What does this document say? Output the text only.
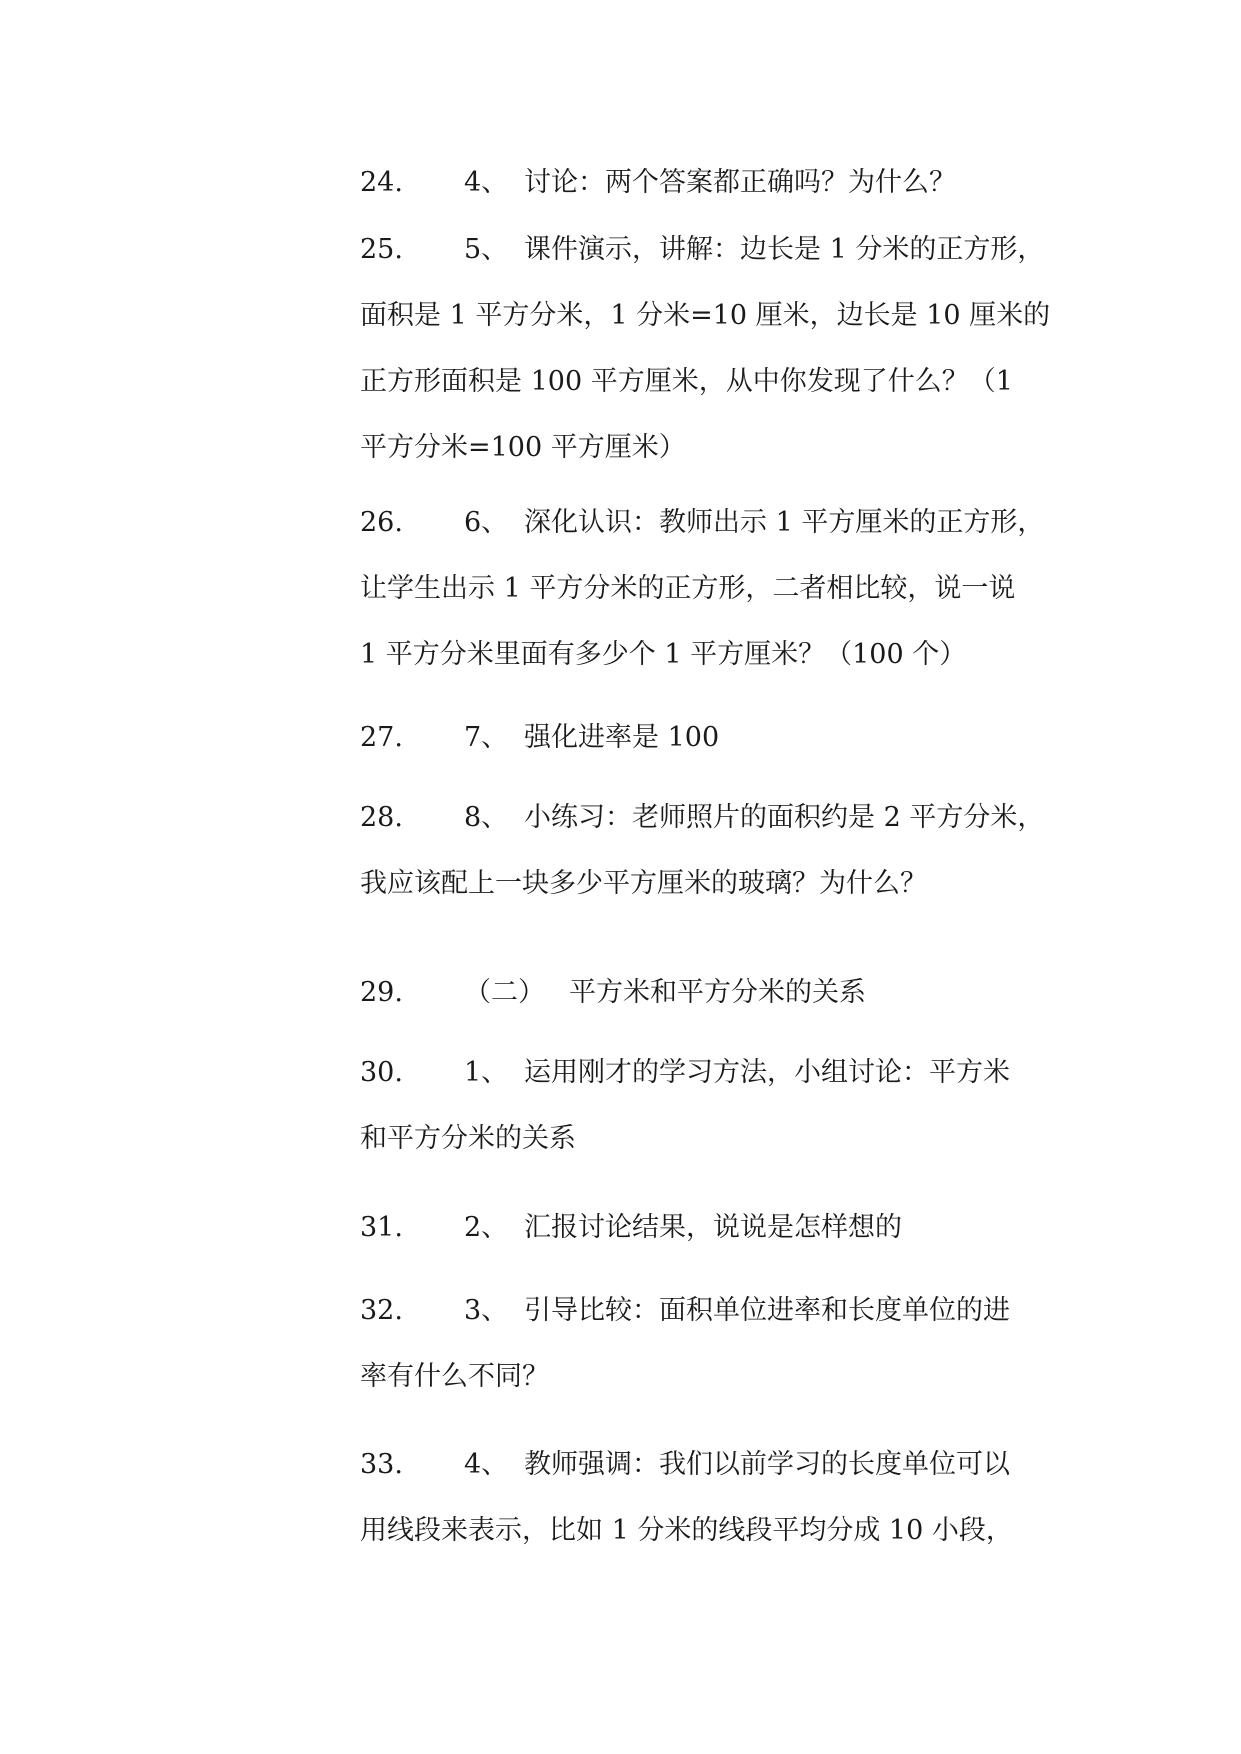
24. 4、 讨论：两个答案都正确吗？为什么？
25. 5、 课件演示，讲解：边长是 1 分米的正方形，
面积是 1 平方分米，1 分米=10 厘米，边长是 10 厘米的
正方形面积是 100 平方厘米，从中你发现了什么？（1
平方分米=100 平方厘米）
26. 6、 深化认识：教师出示 1 平方厘米的正方形，
让学生出示 1 平方分米的正方形，二者相比较，说一说
1 平方分米里面有多少个 1 平方厘米？（100 个）
27. 7、 强化进率是 100
28. 8、 小练习：老师照片的面积约是 2 平方分米，
我应该配上一块多少平方厘米的玻璃？为什么？
29. （二） 平方米和平方分米的关系
30. 1、 运用刚才的学习方法，小组讨论：平方米
和平方分米的关系
31. 2、 汇报讨论结果，说说是怎样想的
32. 3、 引导比较：面积单位进率和长度单位的进
率有什么不同？
33. 4、 教师强调：我们以前学习的长度单位可以
用线段来表示，比如 1 分米的线段平均分成 10 小段，
